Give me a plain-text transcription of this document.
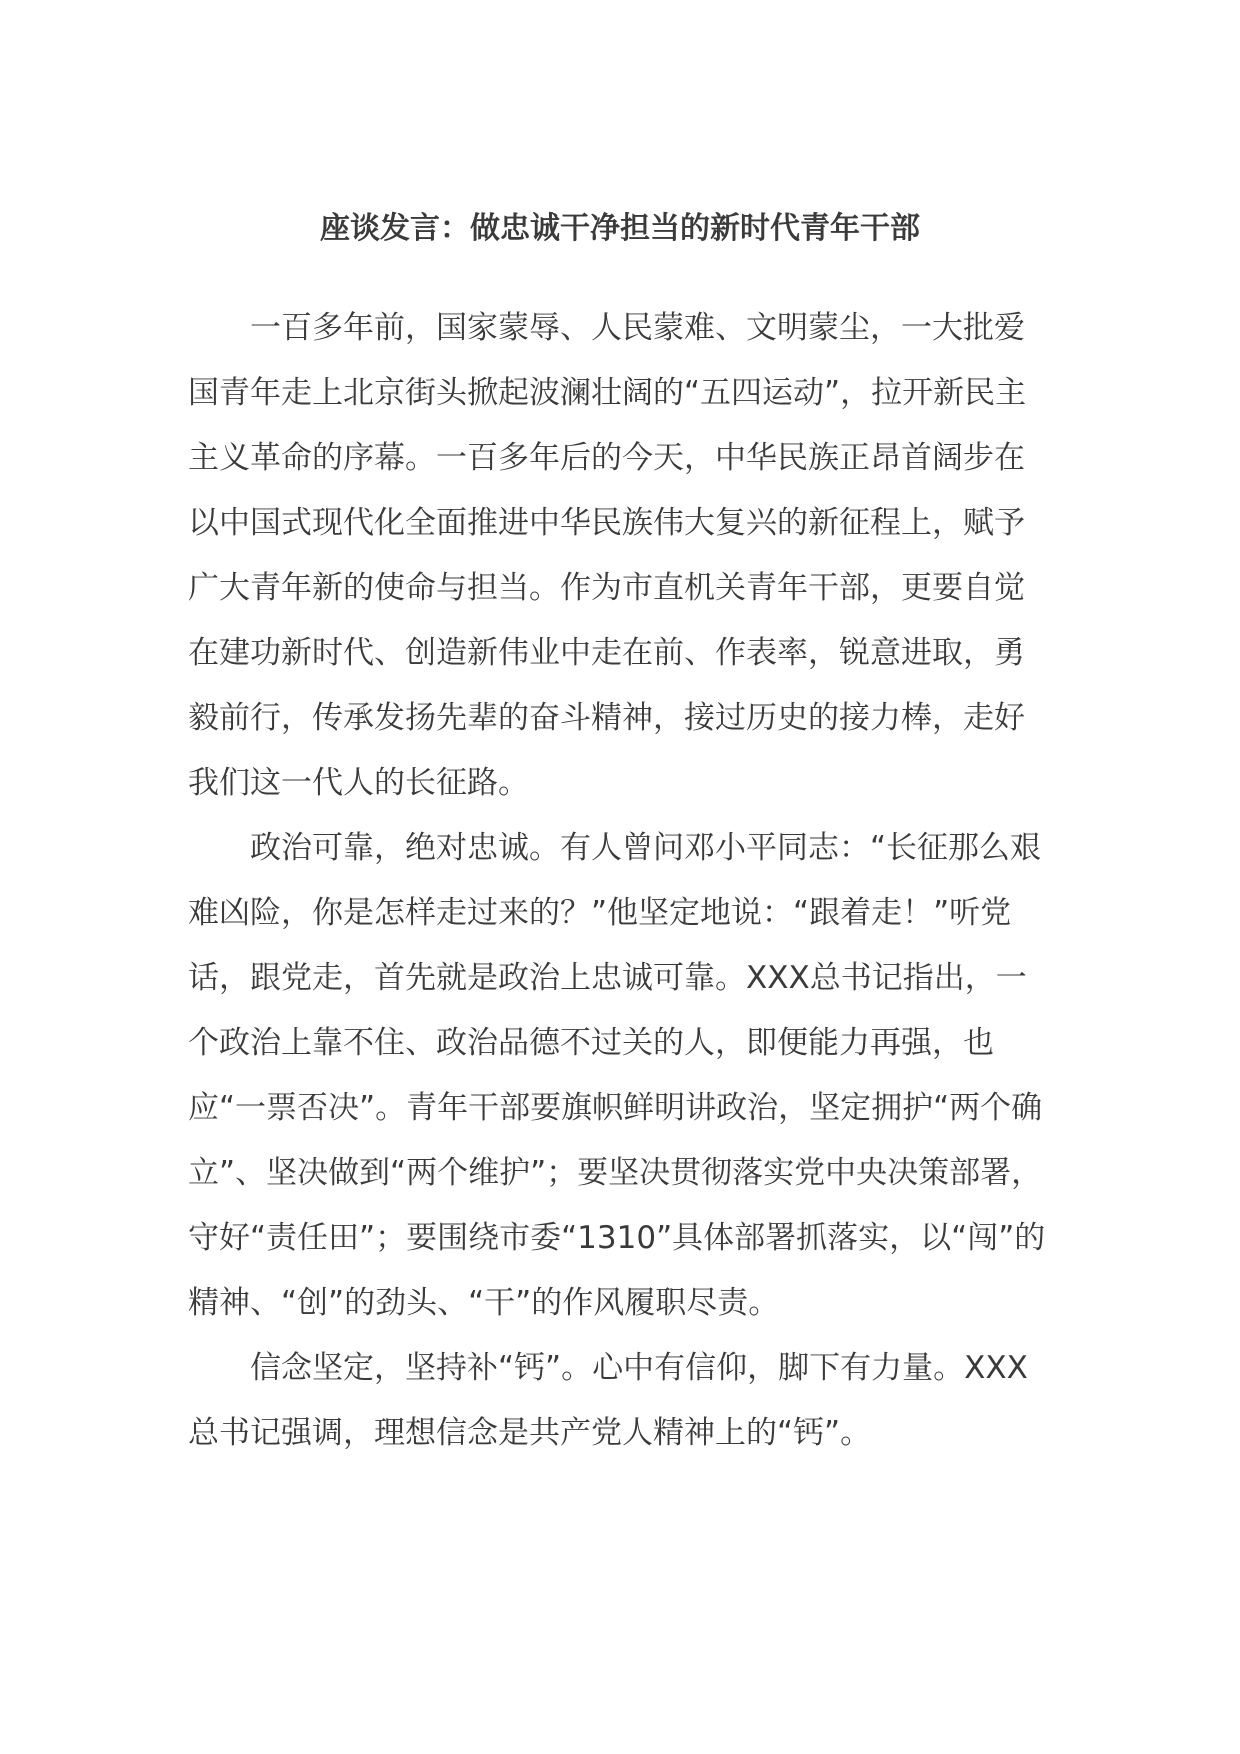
座谈发言：做忠诚干净担当的新时代青年干部

一百多年前，国家蒙辱、人民蒙难、文明蒙尘，一大批爱国青年走上北京街头掀起波澜壮阔的“五四运动”，拉开新民主主义革命的序幕。一百多年后的今天，中华民族正昂首阔步在以中国式现代化全面推进中华民族伟大复兴的新征程上，赋予广大青年新的使命与担当。作为市直机关青年干部，更要自觉在建功新时代、创造新伟业中走在前、作表率，锐意进取，勇毅前行，传承发扬先辈的奋斗精神，接过历史的接力棒，走好我们这一代人的长征路。

政治可靠，绝对忠诚。有人曾问邓小平同志：“长征那么艰难凶险，你是怎样走过来的？”他坚定地说：“跟着走！”听党话，跟党走，首先就是政治上忠诚可靠。XXX总书记指出，一个政治上靠不住、政治品德不过关的人，即便能力再强，也应“一票否决”。青年干部要旗帜鲜明讲政治，坚定拥护“两个确立”、坚决做到“两个维护”；要坚决贯彻落实党中央决策部署，守好“责任田”；要围绕市委“1310”具体部署抓落实，以“闯”的精神、“创”的劲头、“干”的作风履职尽责。

信念坚定，坚持补“钙”。心中有信仰，脚下有力量。XXX总书记强调，理想信念是共产党人精神上的“钙”。
